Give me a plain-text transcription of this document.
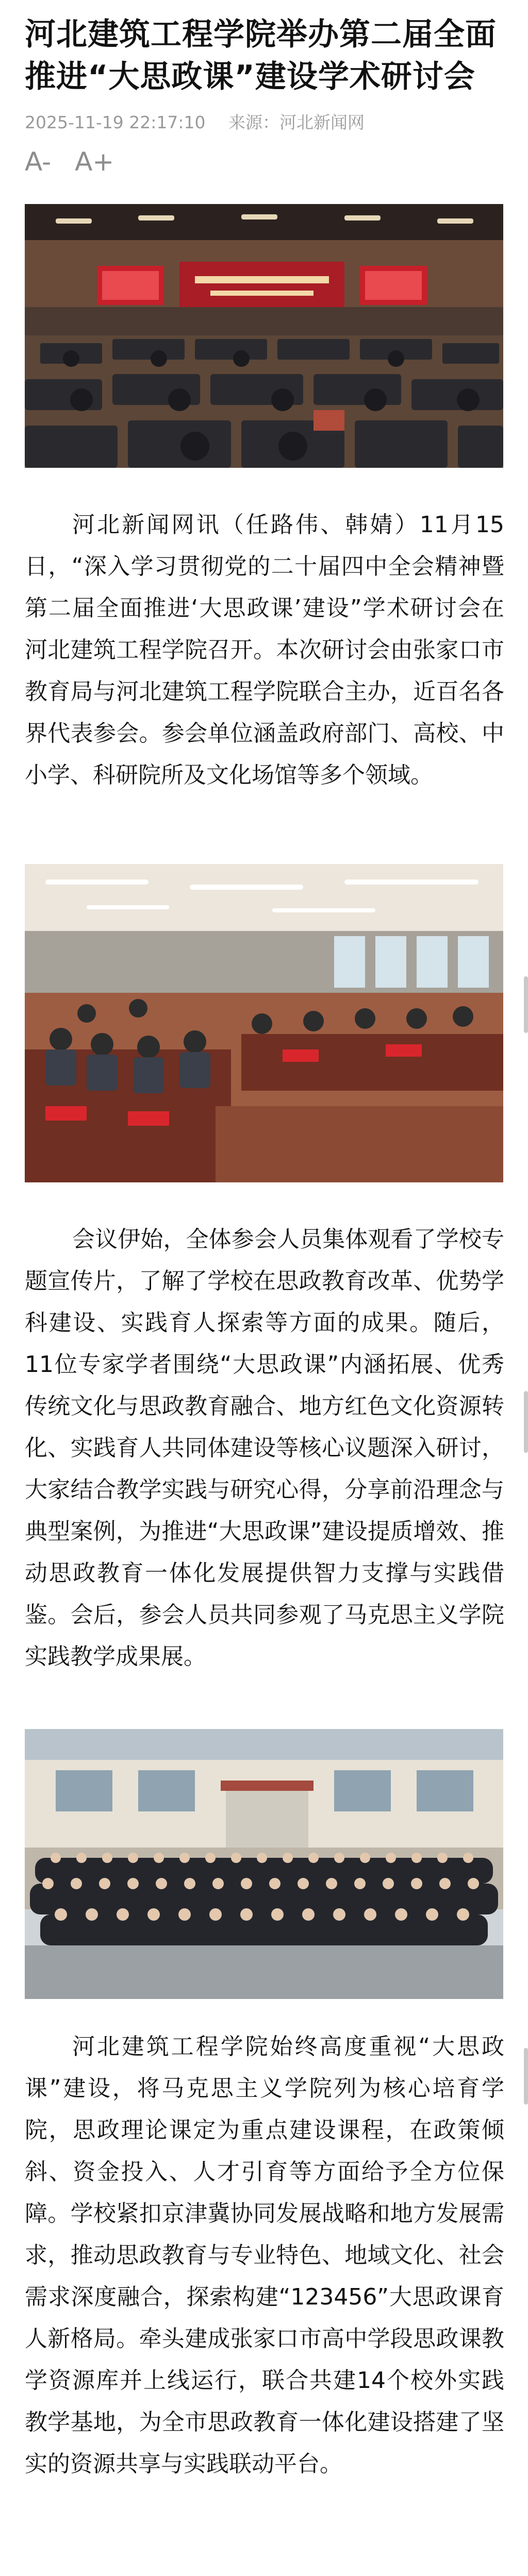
河北建筑工程学院举办第二届全面推进“大思政课”建设学术研讨会
2025-11-19 22:17:10 来源：河北新闻网
A- A+

河北新闻网讯（任路伟、韩婧）11月15日，“深入学习贯彻党的二十届四中全会精神暨第二届全面推进‘大思政课’建设”学术研讨会在河北建筑工程学院召开。本次研讨会由张家口市教育局与河北建筑工程学院联合主办，近百名各界代表参会。参会单位涵盖政府部门、高校、中小学、科研院所及文化场馆等多个领域。

会议伊始，全体参会人员集体观看了学校专题宣传片，了解了学校在思政教育改革、优势学科建设、实践育人探索等方面的成果。随后，11位专家学者围绕“大思政课”内涵拓展、优秀传统文化与思政教育融合、地方红色文化资源转化、实践育人共同体建设等核心议题深入研讨，大家结合教学实践与研究心得，分享前沿理念与典型案例，为推进“大思政课”建设提质增效、推动思政教育一体化发展提供智力支撑与实践借鉴。会后，参会人员共同参观了马克思主义学院实践教学成果展。

河北建筑工程学院始终高度重视“大思政课”建设，将马克思主义学院列为核心培育学院，思政理论课定为重点建设课程，在政策倾斜、资金投入、人才引育等方面给予全方位保障。学校紧扣京津冀协同发展战略和地方发展需求，推动思政教育与专业特色、地域文化、社会需求深度融合，探索构建“123456”大思政课育人新格局。牵头建成张家口市高中学段思政课教学资源库并上线运行，联合共建14个校外实践教学基地，为全市思政教育一体化建设搭建了坚实的资源共享与实践联动平台。
